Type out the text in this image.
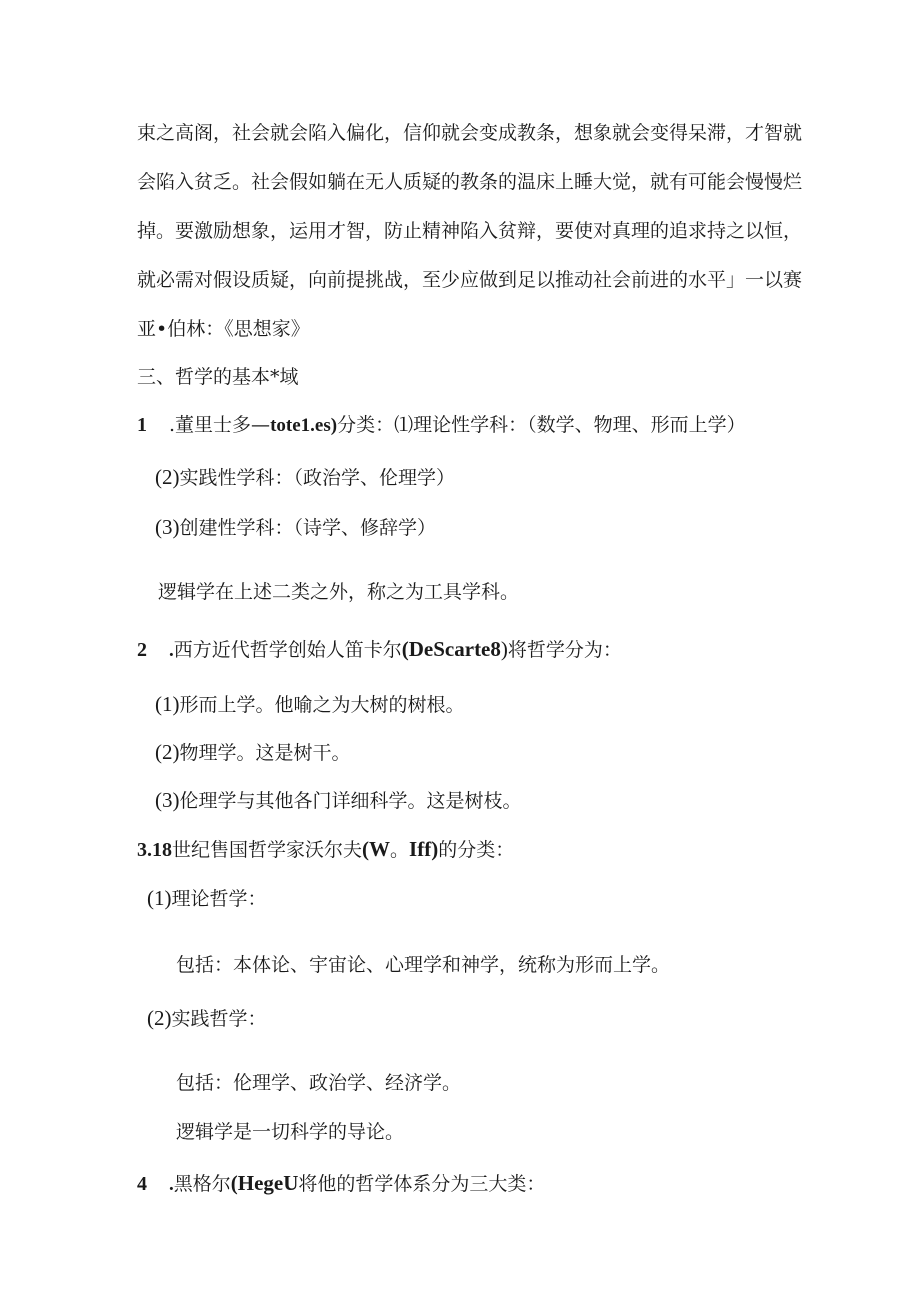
束之高阁，社会就会陷入偏化，信仰就会变成教条，想象就会变得呆滞，才智就
会陷入贫乏。社会假如躺在无人质疑的教条的温床上睡大觉，就有可能会慢慢烂
掉。要激励想象，运用才智，防止精神陷入贫辩，要使对真理的追求持之以恒，
就必需对假设质疑，向前提挑战，至少应做到足以推动社会前进的水平」一以赛
亚•伯林：《思想家》
三、哲学的基本*域
1 .董里士多—tote1.es)分类：⑴理论性学科：（数学、物理、形而上学）
(2)实践性学科：（政治学、伦理学）
(3)创建性学科：（诗学、修辞学）
逻辑学在上述二类之外，称之为工具学科。
2 .西方近代哲学创始人笛卡尔(DeScarte8)将哲学分为：
(1)形而上学。他喻之为大树的树根。
(2)物理学。这是树干。
(3)伦理学与其他各门详细科学。这是树枝。
3.18世纪售国哲学家沃尔夫(W。Iff)的分类：
(1)理论哲学：
包括：本体论、宇宙论、心理学和神学，统称为形而上学。
(2)实践哲学：
包括：伦理学、政治学、经济学。
逻辑学是一切科学的导论。
4 .黑格尔(HegeU将他的哲学体系分为三大类：
